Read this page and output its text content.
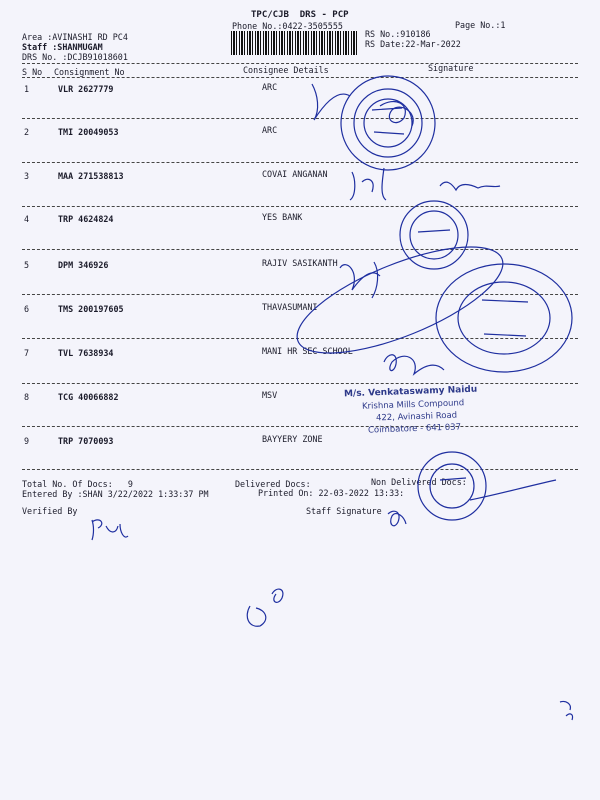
TPC/CJB  DRS - PCP
Phone No.:0422-3505555	Page No.:1
RS No.:910186
RS Date:22-Mar-2022
Area :AVINASHI RD PC4
Staff :SHANMUGAM
DRS No. :DCJB91018601
S No Consignment No	Consignee Details	Signature
1	VLR 2627779	ARC
2	TMI 20049053	ARC
3	MAA 271538813	COVAI ANGANAN
4	TRP 4624824	YES BANK
5	DPM 346926	RAJIV SASIKANTH
6	TMS 200197605	THAVASUMANI
7	TVL 7638934	MANI HR SEC SCHOOL
8	TCG 40066882	MSV
9	TRP 7070093	BAYYERY ZONE
Total No. Of Docs:   9	Delivered Docs:	Non Delivered Docs:
Entered By :SHAN 3/22/2022 1:33:37 PM	Printed On: 22-03-2022 13:33:
Verified By	Staff Signature
M/s. Venkataswamy Naidu
Krishna Mills Compound
422, Avinashi Road
Coimbatore - 641 037
